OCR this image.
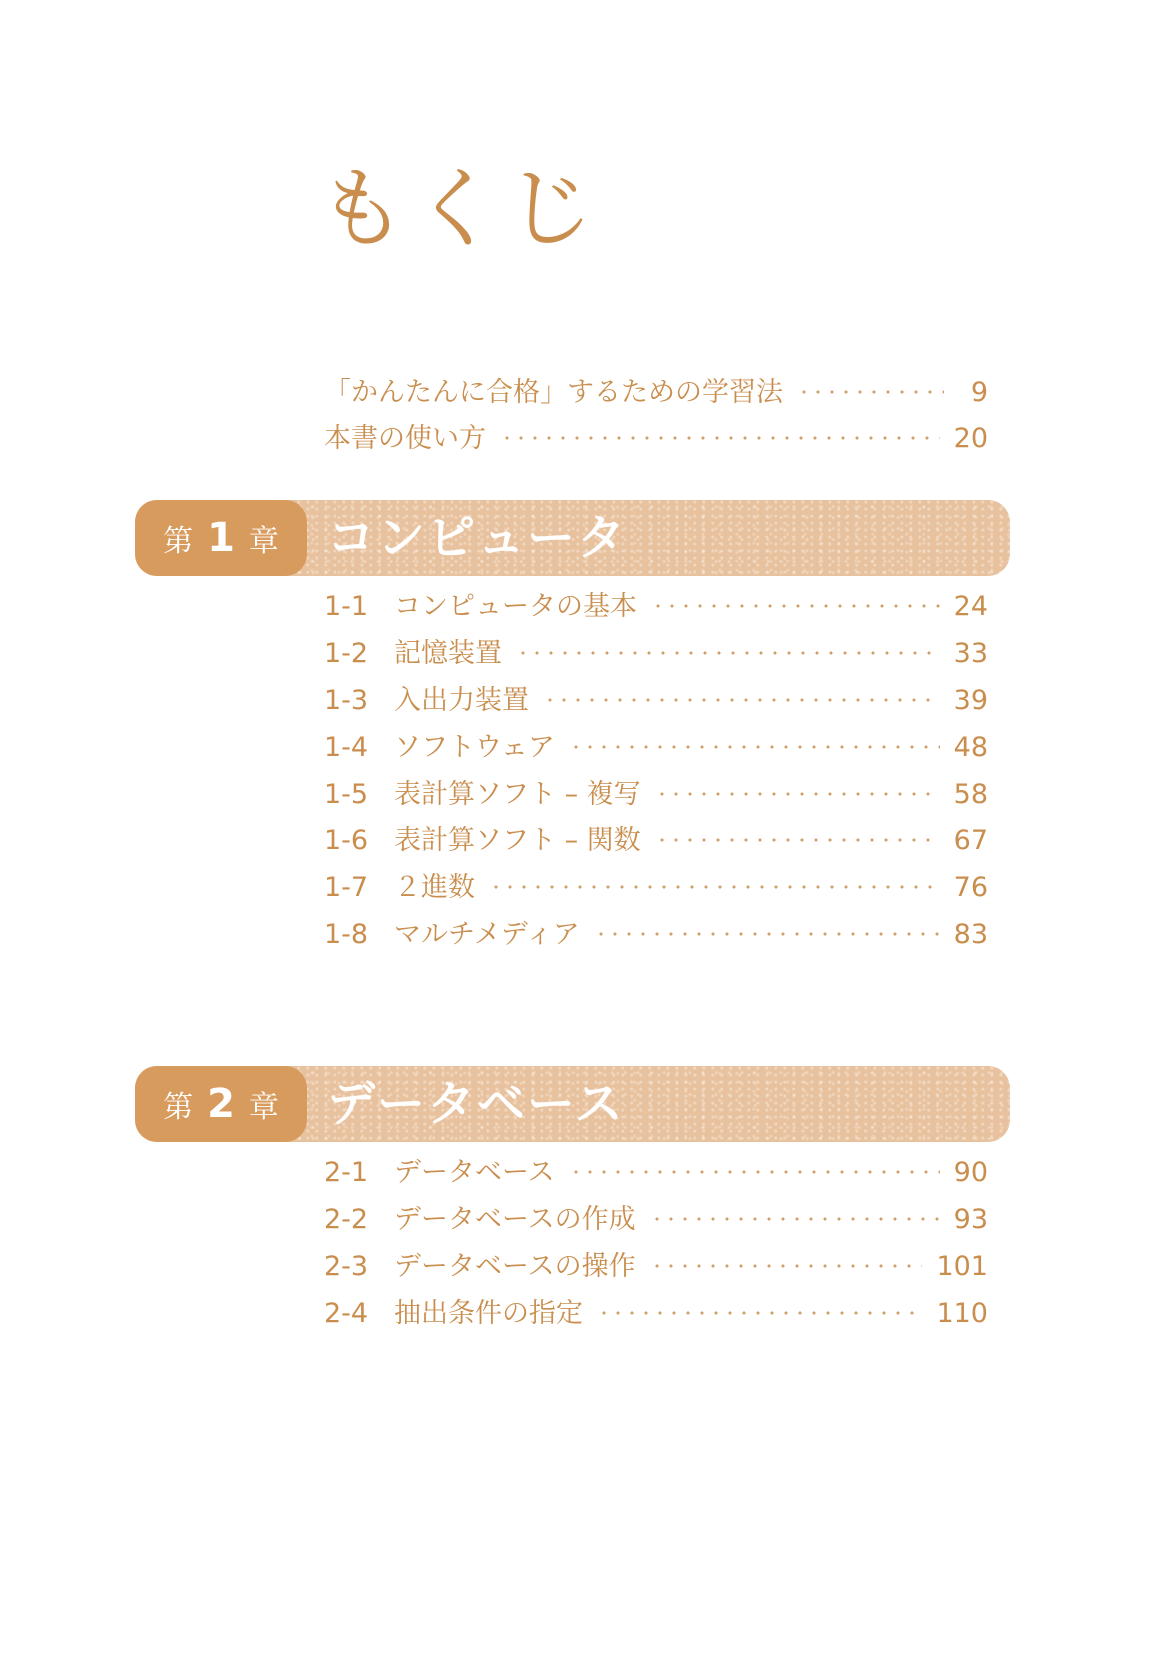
もくじ
「かんたんに合格」するための学習法	9
本書の使い方	20
第 1 章 コンピュータ
1-1 コンピュータの基本	24
1-2 記憶装置	33
1-3 入出力装置	39
1-4 ソフトウェア	48
1-5 表計算ソフト – 複写	58
1-6 表計算ソフト – 関数	67
1-7 ２進数	76
1-8 マルチメディア	83
第 2 章 データベース
2-1 データベース	90
2-2 データベースの作成	93
2-3 データベースの操作	101
2-4 抽出条件の指定	110
